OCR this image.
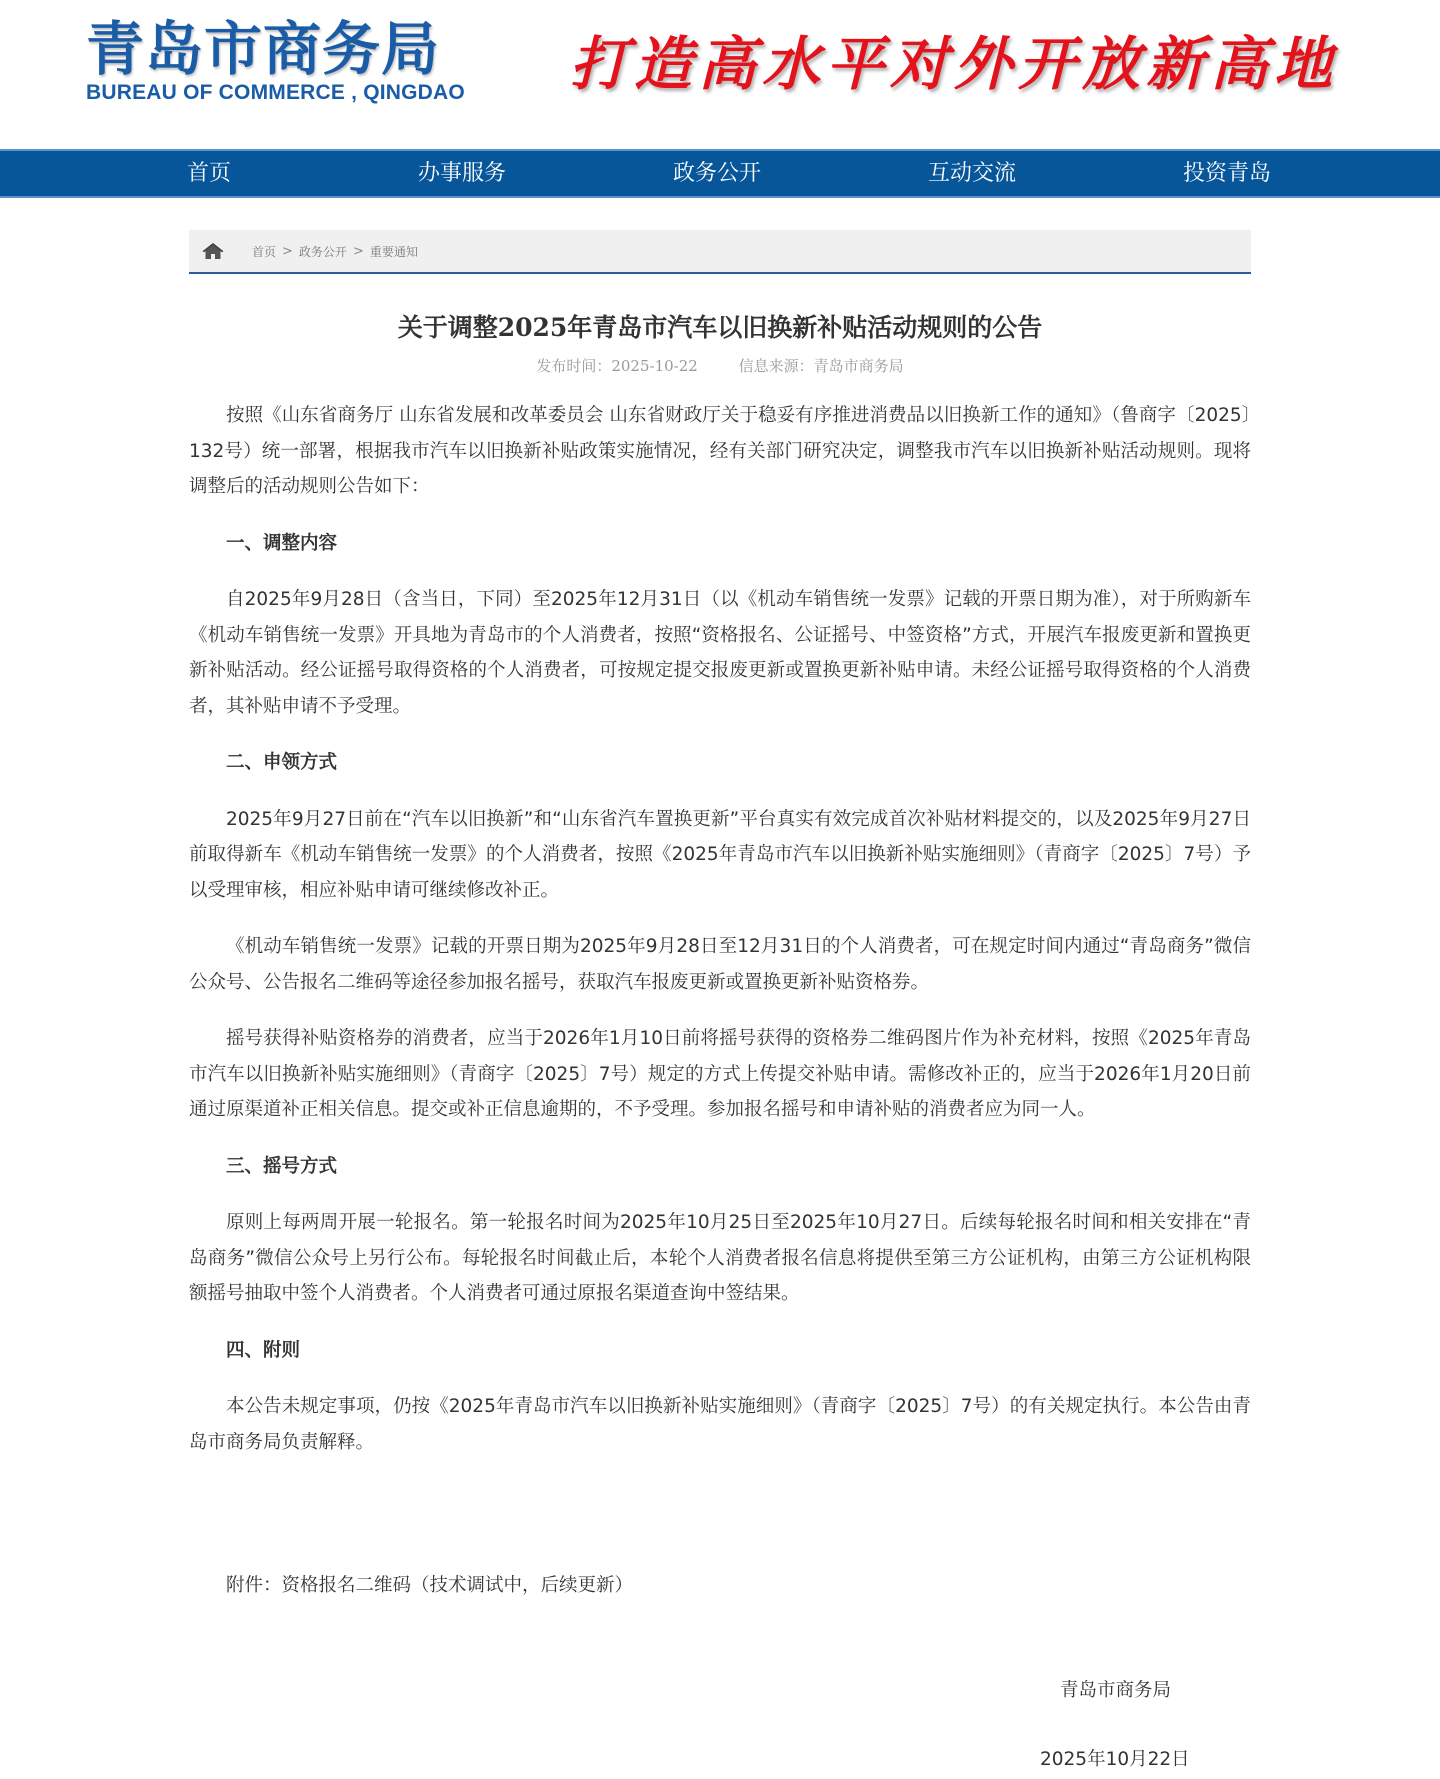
青岛市商务局
BUREAU OF COMMERCE , QINGDAO 打造高水平对外开放新高地
首页	办事服务	政务公开	互动交流	投资青岛
首页 > 政务公开 > 重要通知
关于调整2025年青岛市汽车以旧换新补贴活动规则的公告
发布时间：2025-10-22	信息来源：青岛市商务局

按照《山东省商务厅 山东省发展和改革委员会 山东省财政厅关于稳妥有序推进消费品以旧换新工作的通知》（鲁商字〔2025〕132号）统一部署，根据我市汽车以旧换新补贴政策实施情况，经有关部门研究决定，调整我市汽车以旧换新补贴活动规则。现将调整后的活动规则公告如下：

一、调整内容

自2025年9月28日（含当日，下同）至2025年12月31日（以《机动车销售统一发票》记载的开票日期为准），对于所购新车《机动车销售统一发票》开具地为青岛市的个人消费者，按照“资格报名、公证摇号、中签资格”方式，开展汽车报废更新和置换更新补贴活动。经公证摇号取得资格的个人消费者，可按规定提交报废更新或置换更新补贴申请。未经公证摇号取得资格的个人消费者，其补贴申请不予受理。

二、申领方式

2025年9月27日前在“汽车以旧换新”和“山东省汽车置换更新”平台真实有效完成首次补贴材料提交的，以及2025年9月27日前取得新车《机动车销售统一发票》的个人消费者，按照《2025年青岛市汽车以旧换新补贴实施细则》（青商字〔2025〕7号）予以受理审核，相应补贴申请可继续修改补正。

《机动车销售统一发票》记载的开票日期为2025年9月28日至12月31日的个人消费者，可在规定时间内通过“青岛商务”微信公众号、公告报名二维码等途径参加报名摇号，获取汽车报废更新或置换更新补贴资格券。

摇号获得补贴资格券的消费者，应当于2026年1月10日前将摇号获得的资格券二维码图片作为补充材料，按照《2025年青岛市汽车以旧换新补贴实施细则》（青商字〔2025〕7号）规定的方式上传提交补贴申请。需修改补正的，应当于2026年1月20日前通过原渠道补正相关信息。提交或补正信息逾期的，不予受理。参加报名摇号和申请补贴的消费者应为同一人。

三、摇号方式

原则上每两周开展一轮报名。第一轮报名时间为2025年10月25日至2025年10月27日。后续每轮报名时间和相关安排在“青岛商务”微信公众号上另行公布。每轮报名时间截止后，本轮个人消费者报名信息将提供至第三方公证机构，由第三方公证机构限额摇号抽取中签个人消费者。个人消费者可通过原报名渠道查询中签结果。

四、附则

本公告未规定事项，仍按《2025年青岛市汽车以旧换新补贴实施细则》（青商字〔2025〕7号）的有关规定执行。本公告由青岛市商务局负责解释。

附件：资格报名二维码（技术调试中，后续更新）

青岛市商务局

2025年10月22日
